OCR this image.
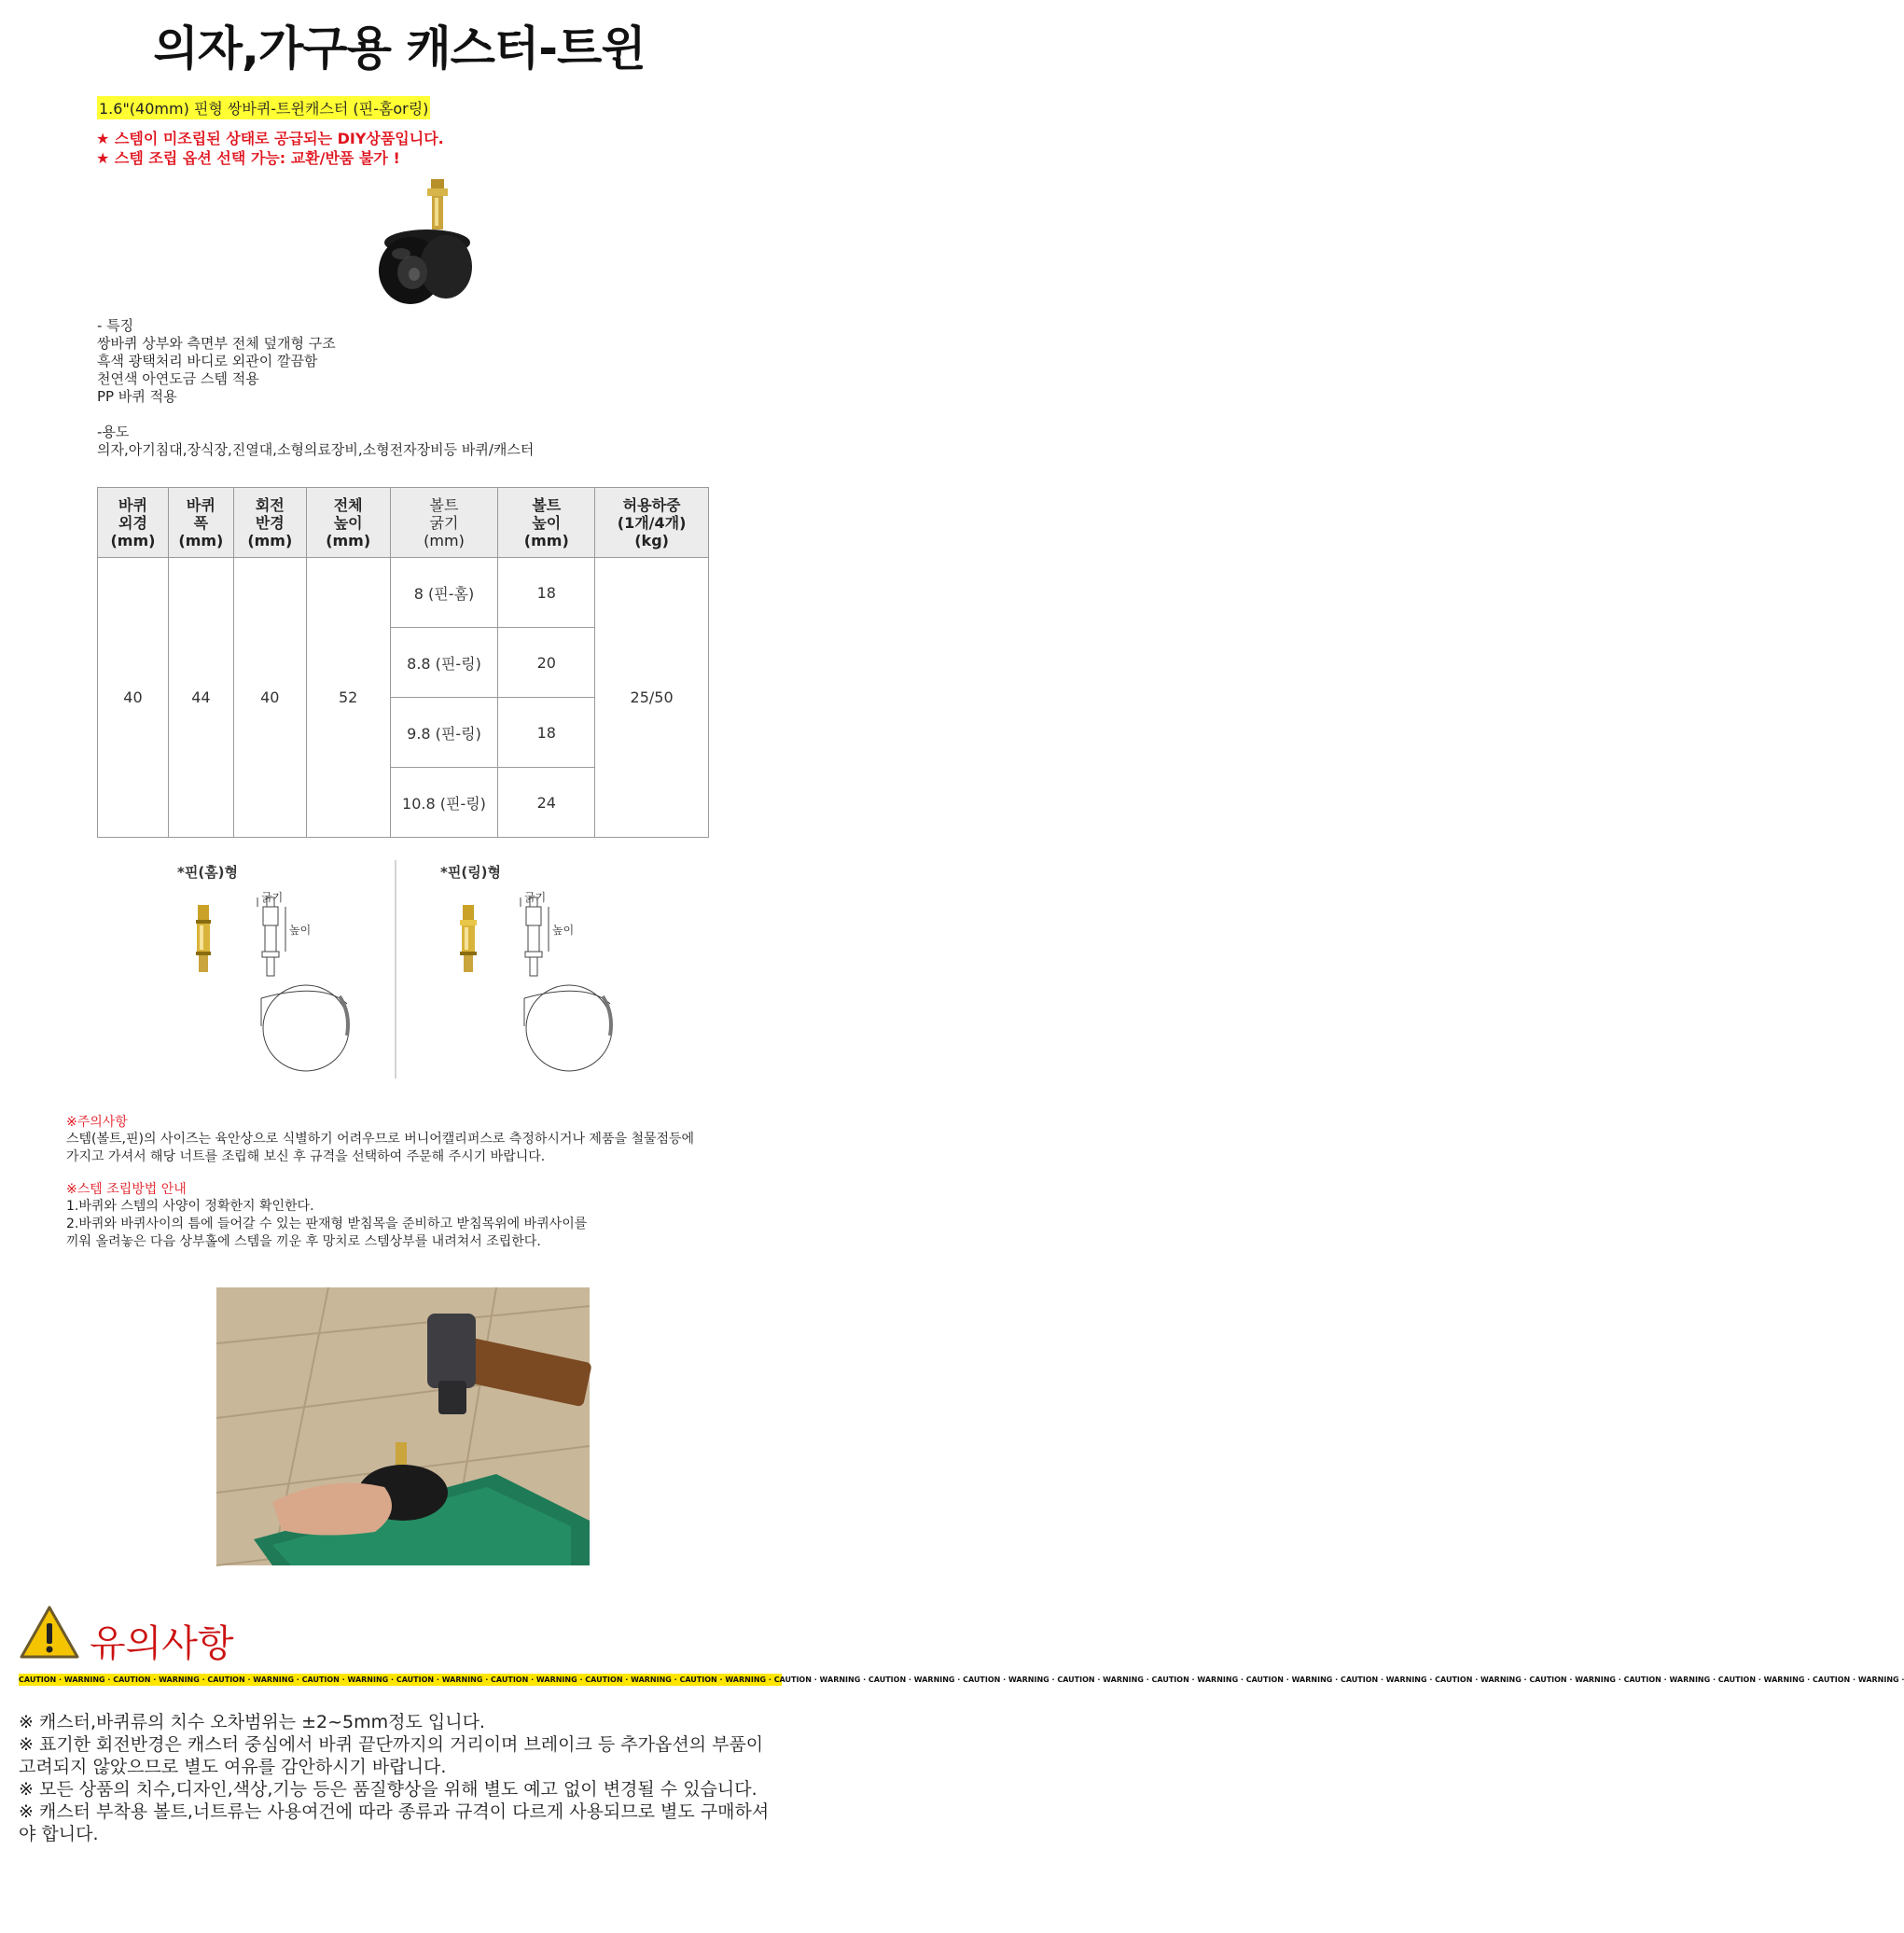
의자,가구용 캐스터-트윈
1.6"(40mm) 핀형 쌍바퀴-트윈캐스터 (핀-홈or링)
★ 스템이 미조립된 상태로 공급되는 DIY상품입니다.
★ 스템 조립 옵션 선택 가능: 교환/반품 불가 !
- 특징
쌍바퀴 상부와 측면부 전체 덮개형 구조
흑색 광택처리 바디로 외관이 깔끔함
천연색 아연도금 스템 적용
PP 바퀴 적용
-용도
의자,아기침대,장식장,진열대,소형의료장비,소형전자장비등 바퀴/캐스터
바퀴
외경
(mm)	바퀴
폭
(mm)	회전
반경
(mm)	전체
높이
(mm)	볼트
굵기
(mm)	볼트
높이
(mm)	허용하중
(1개/4개)
(kg)
40	44	40	52	8 (핀-홈)	18	25/50
				8.8 (핀-링)	20	
				9.8 (핀-링)	18	
				10.8 (핀-링)	24	
*핀(홈)형	*핀(링)형
굵기
높이
굵기
높이
※주의사항
스템(볼트,핀)의 사이즈는 육안상으로 식별하기 어려우므로 버니어캘리퍼스로 측정하시거나 제품을 철물점등에
가지고 가셔서 해당 너트를 조립해 보신 후 규격을 선택하여 주문해 주시기 바랍니다.
※스템 조립방법 안내
1.바퀴와 스템의 사양이 정확한지 확인한다.
2.바퀴와 바퀴사이의 틈에 들어갈 수 있는 판재형 받침목을 준비하고 받침목위에 바퀴사이를
끼워 올려놓은 다음 상부홀에 스템을 끼운 후 망치로 스템상부를 내려쳐서 조립한다.
유의사항
CAUTION · WARNING · CAUTION · WARNING · CAUTION · WARNING · CAUTION · WARNING · CAUTION · WARNING · CAUTION · WARNING · CAUTION · WARNING · CAUTION · WARNING · CAUTION · WARNING · CAUTION · WARNING · CAUTION · WARNING · CAUTION · WARNING · CAUTION · WARNING · CAUTION · WARNING · CAUTION · WARNING · CAUTION · WARNING · CAUTION · WARNING · CAUTION · WARNING · CAUTION · WARNING · CAUTION · WARNING ·
※ 캐스터,바퀴류의 치수 오차범위는 ±2~5mm정도 입니다.
※ 표기한 회전반경은 캐스터 중심에서 바퀴 끝단까지의 거리이며 브레이크 등 추가옵션의 부품이 고려되지 않았으므로 별도 여유를 감안하시기 바랍니다.
※ 모든 상품의 치수,디자인,색상,기능 등은 품질향상을 위해 별도 예고 없이 변경될 수 있습니다.
※ 캐스터 부착용 볼트,너트류는 사용여건에 따라 종류과 규격이 다르게 사용되므로 별도 구매하셔야 합니다.
